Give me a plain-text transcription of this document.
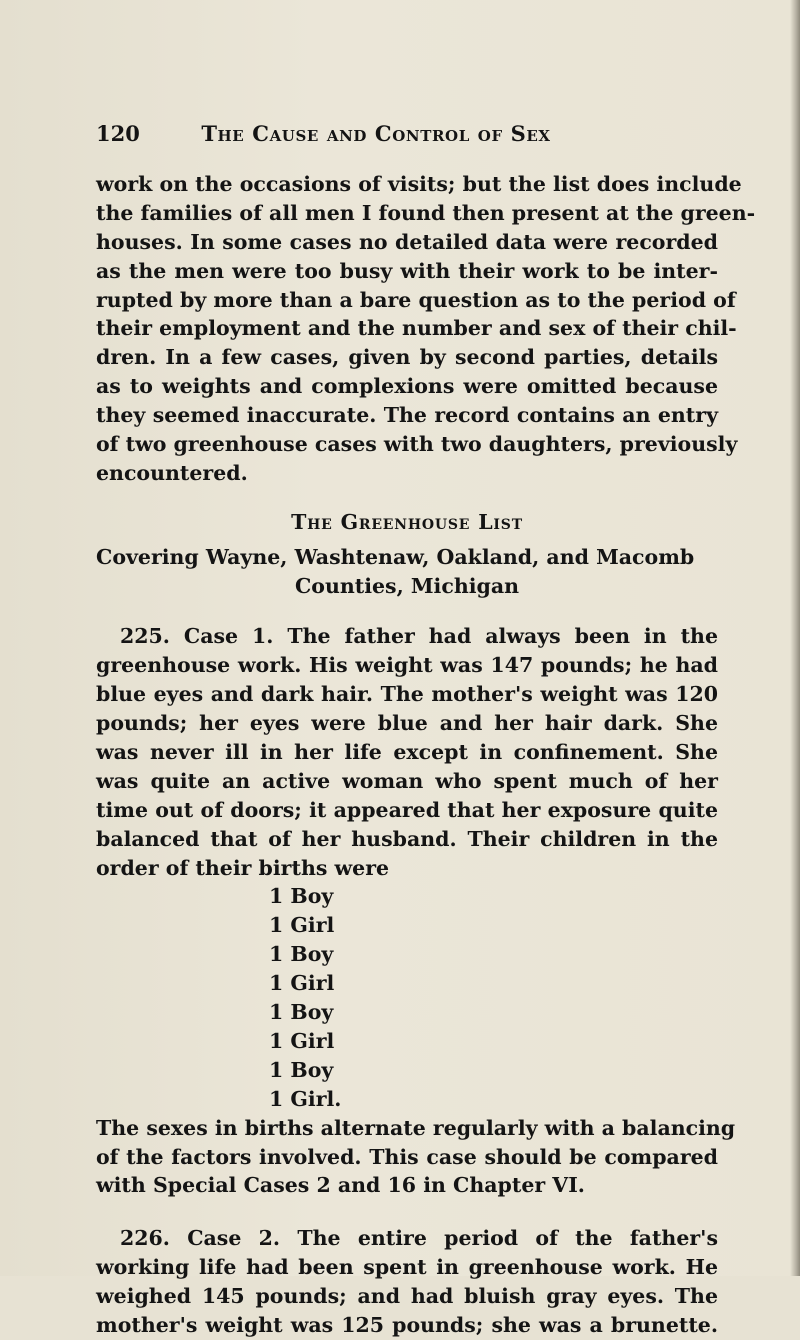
120	The Cause and Control of Sex
work on the occasions of visits; but the list does include
the families of all men I found then present at the green-
houses. In some cases no detailed data were recorded
as the men were too busy with their work to be inter-
rupted by more than a bare question as to the period of
their employment and the number and sex of their chil-
dren. In a few cases, given by second parties, details
as to weights and complexions were omitted because
they seemed inaccurate. The record contains an entry
of two greenhouse cases with two daughters, previously
encountered.
The Greenhouse List
Covering Wayne, Washtenaw, Oakland, and Macomb
Counties, Michigan
225. Case 1. The father had always been in the
greenhouse work. His weight was 147 pounds; he had
blue eyes and dark hair. The mother's weight was 120
pounds; her eyes were blue and her hair dark. She
was never ill in her life except in confinement. She
was quite an active woman who spent much of her
time out of doors; it appeared that her exposure quite
balanced that of her husband. Their children in the
order of their births were
1 Boy
1 Girl
1 Boy
1 Girl
1 Boy
1 Girl
1 Boy
1 Girl.
The sexes in births alternate regularly with a balancing
of the factors involved. This case should be compared
with Special Cases 2 and 16 in Chapter VI.
226. Case 2. The entire period of the father's
working life had been spent in greenhouse work. He
weighed 145 pounds; and had bluish gray eyes. The
mother's weight was 125 pounds; she was a brunette.
